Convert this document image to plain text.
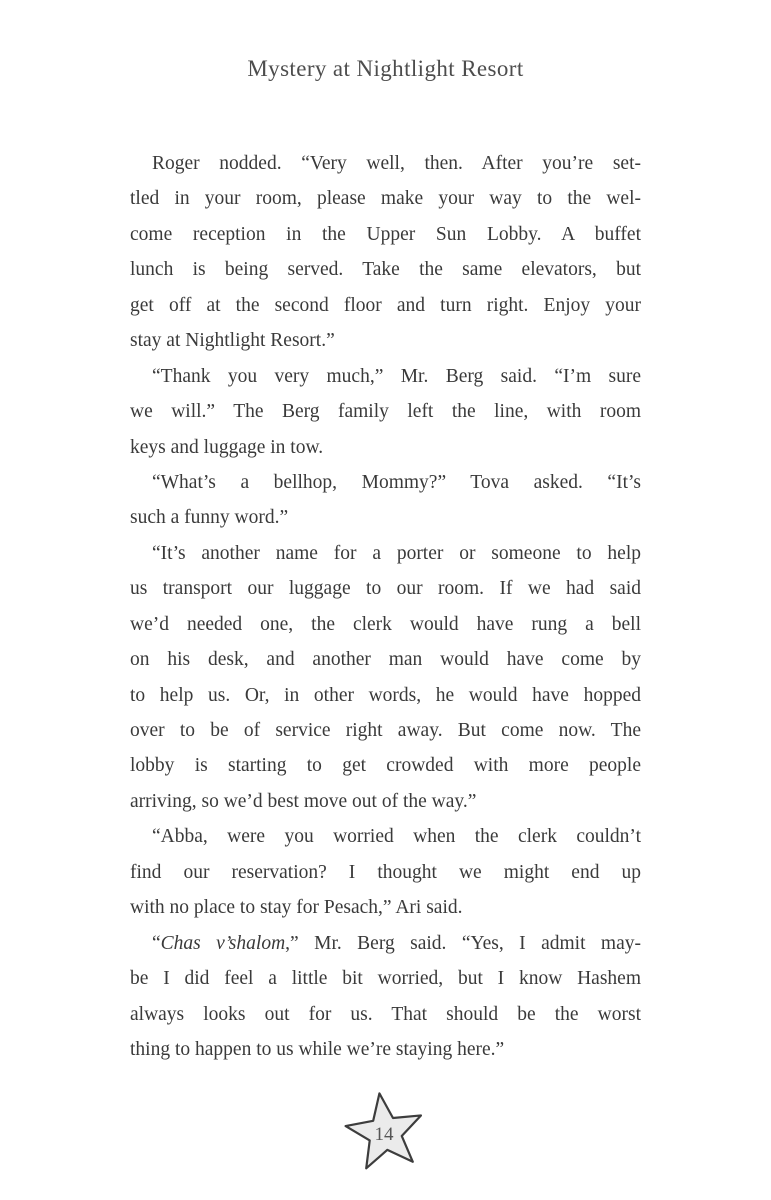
Mystery at Nightlight Resort
Roger nodded. “Very well, then. After you’re set-
tled in your room, please make your way to the wel-
come reception in the Upper Sun Lobby. A buffet
lunch is being served. Take the same elevators, but
get off at the second floor and turn right. Enjoy your
stay at Nightlight Resort.”
“Thank you very much,” Mr. Berg said. “I’m sure
we will.” The Berg family left the line, with room
keys and luggage in tow.
“What’s a bellhop, Mommy?” Tova asked. “It’s
such a funny word.”
“It’s another name for a porter or someone to help
us transport our luggage to our room. If we had said
we’d needed one, the clerk would have rung a bell
on his desk, and another man would have come by
to help us. Or, in other words, he would have hopped
over to be of service right away. But come now. The
lobby is starting to get crowded with more people
arriving, so we’d best move out of the way.”
“Abba, were you worried when the clerk couldn’t
find our reservation? I thought we might end up
with no place to stay for Pesach,” Ari said.
“Chas v’shalom,” Mr. Berg said. “Yes, I admit may-
be I did feel a little bit worried, but I know Hashem
always looks out for us. That should be the worst
thing to happen to us while we’re staying here.”
14
